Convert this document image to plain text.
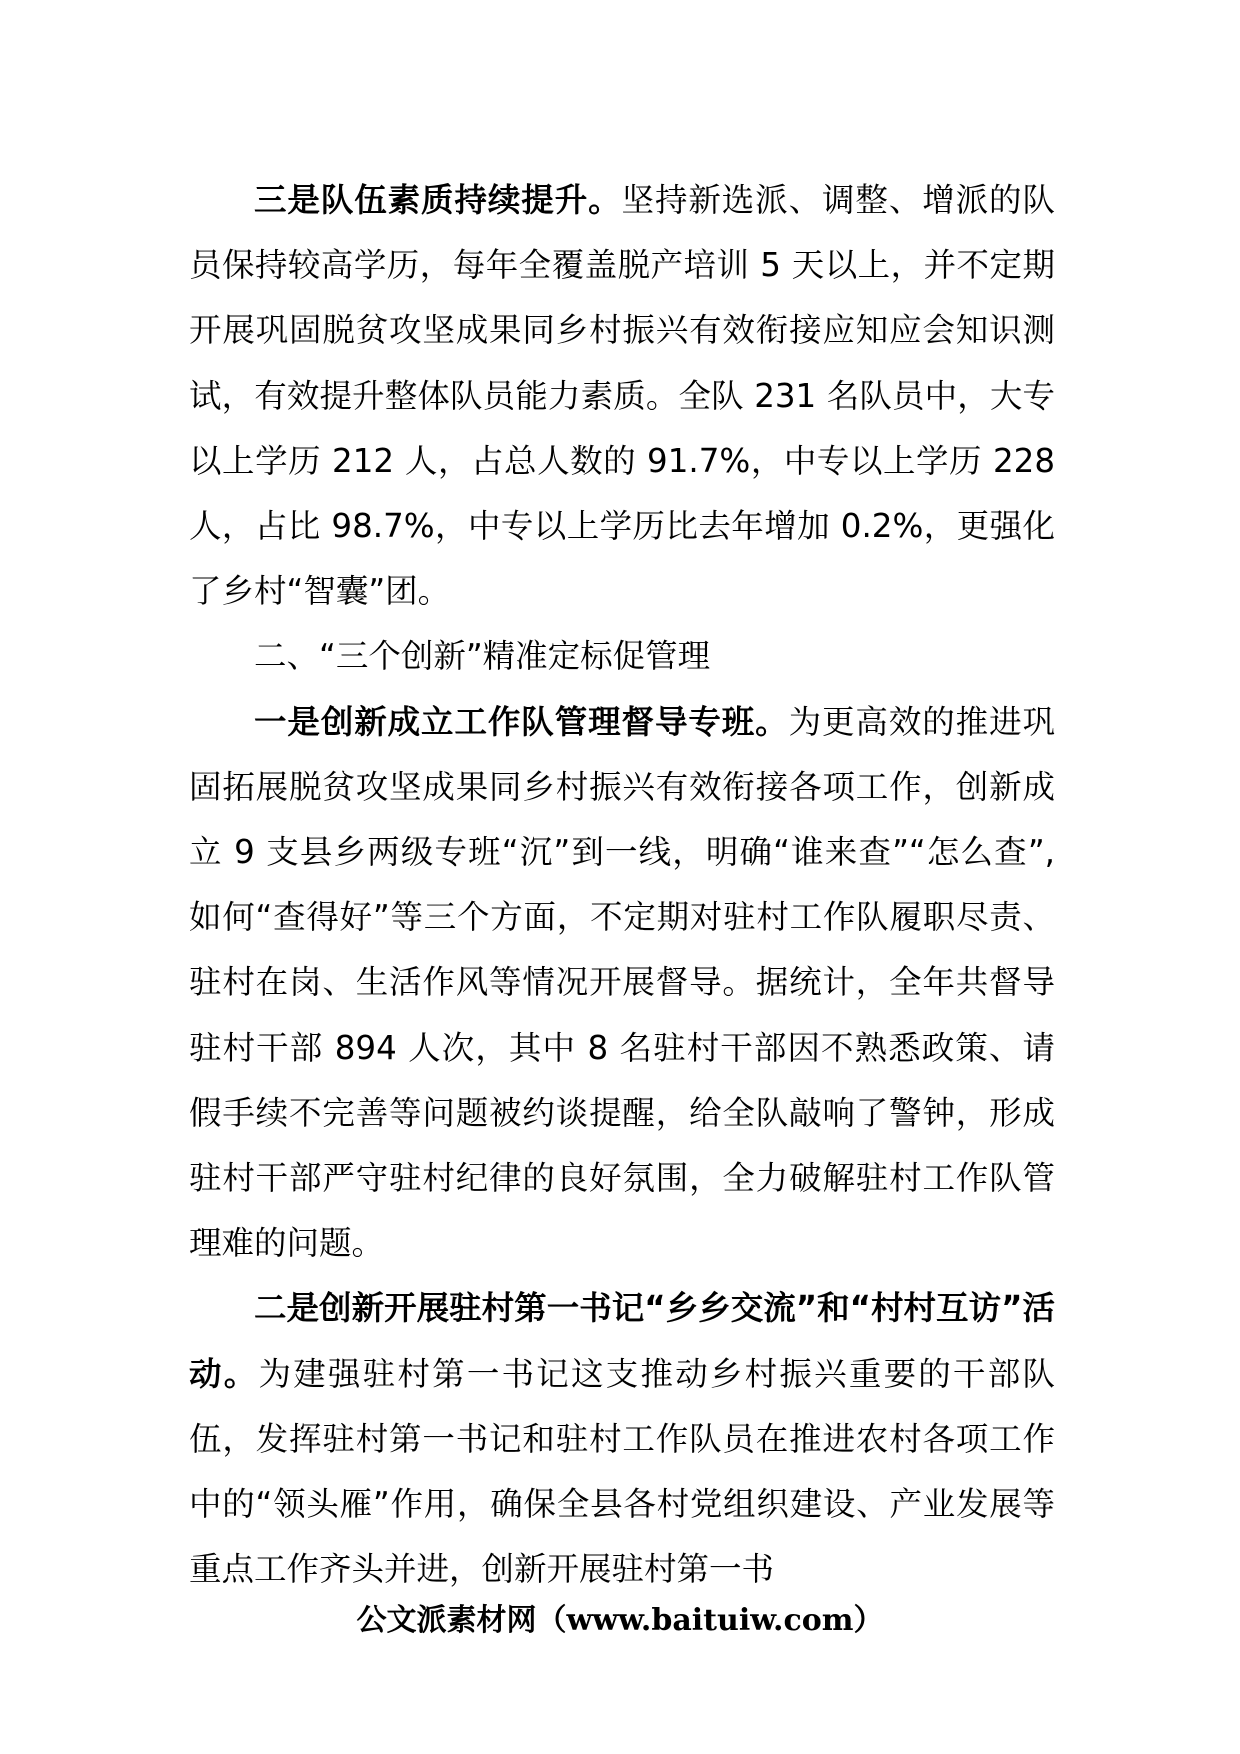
三是队伍素质持续提升。坚持新选派、调整、增派的队员保持较高学历，每年全覆盖脱产培训 5 天以上，并不定期开展巩固脱贫攻坚成果同乡村振兴有效衔接应知应会知识测试，有效提升整体队员能力素质。全队 231 名队员中，大专以上学历 212 人，占总人数的 91.7%，中专以上学历 228 人，占比 98.7%，中专以上学历比去年增加 0.2%，更强化了乡村“智囊”团。

二、“三个创新”精准定标促管理

一是创新成立工作队管理督导专班。为更高效的推进巩固拓展脱贫攻坚成果同乡村振兴有效衔接各项工作，创新成立 9 支县乡两级专班“沉”到一线，明确“谁来查”“怎么查”,如何“查得好”等三个方面，不定期对驻村工作队履职尽责、驻村在岗、生活作风等情况开展督导。据统计，全年共督导驻村干部 894 人次，其中 8 名驻村干部因不熟悉政策、请假手续不完善等问题被约谈提醒，给全队敲响了警钟，形成驻村干部严守驻村纪律的良好氛围，全力破解驻村工作队管理难的问题。

二是创新开展驻村第一书记“乡乡交流”和“村村互访”活动。为建强驻村第一书记这支推动乡村振兴重要的干部队伍，发挥驻村第一书记和驻村工作队员在推进农村各项工作中的“领头雁”作用，确保全县各村党组织建设、产业发展等重点工作齐头并进，创新开展驻村第一书

公文派素材网（www.baituiw.com）
